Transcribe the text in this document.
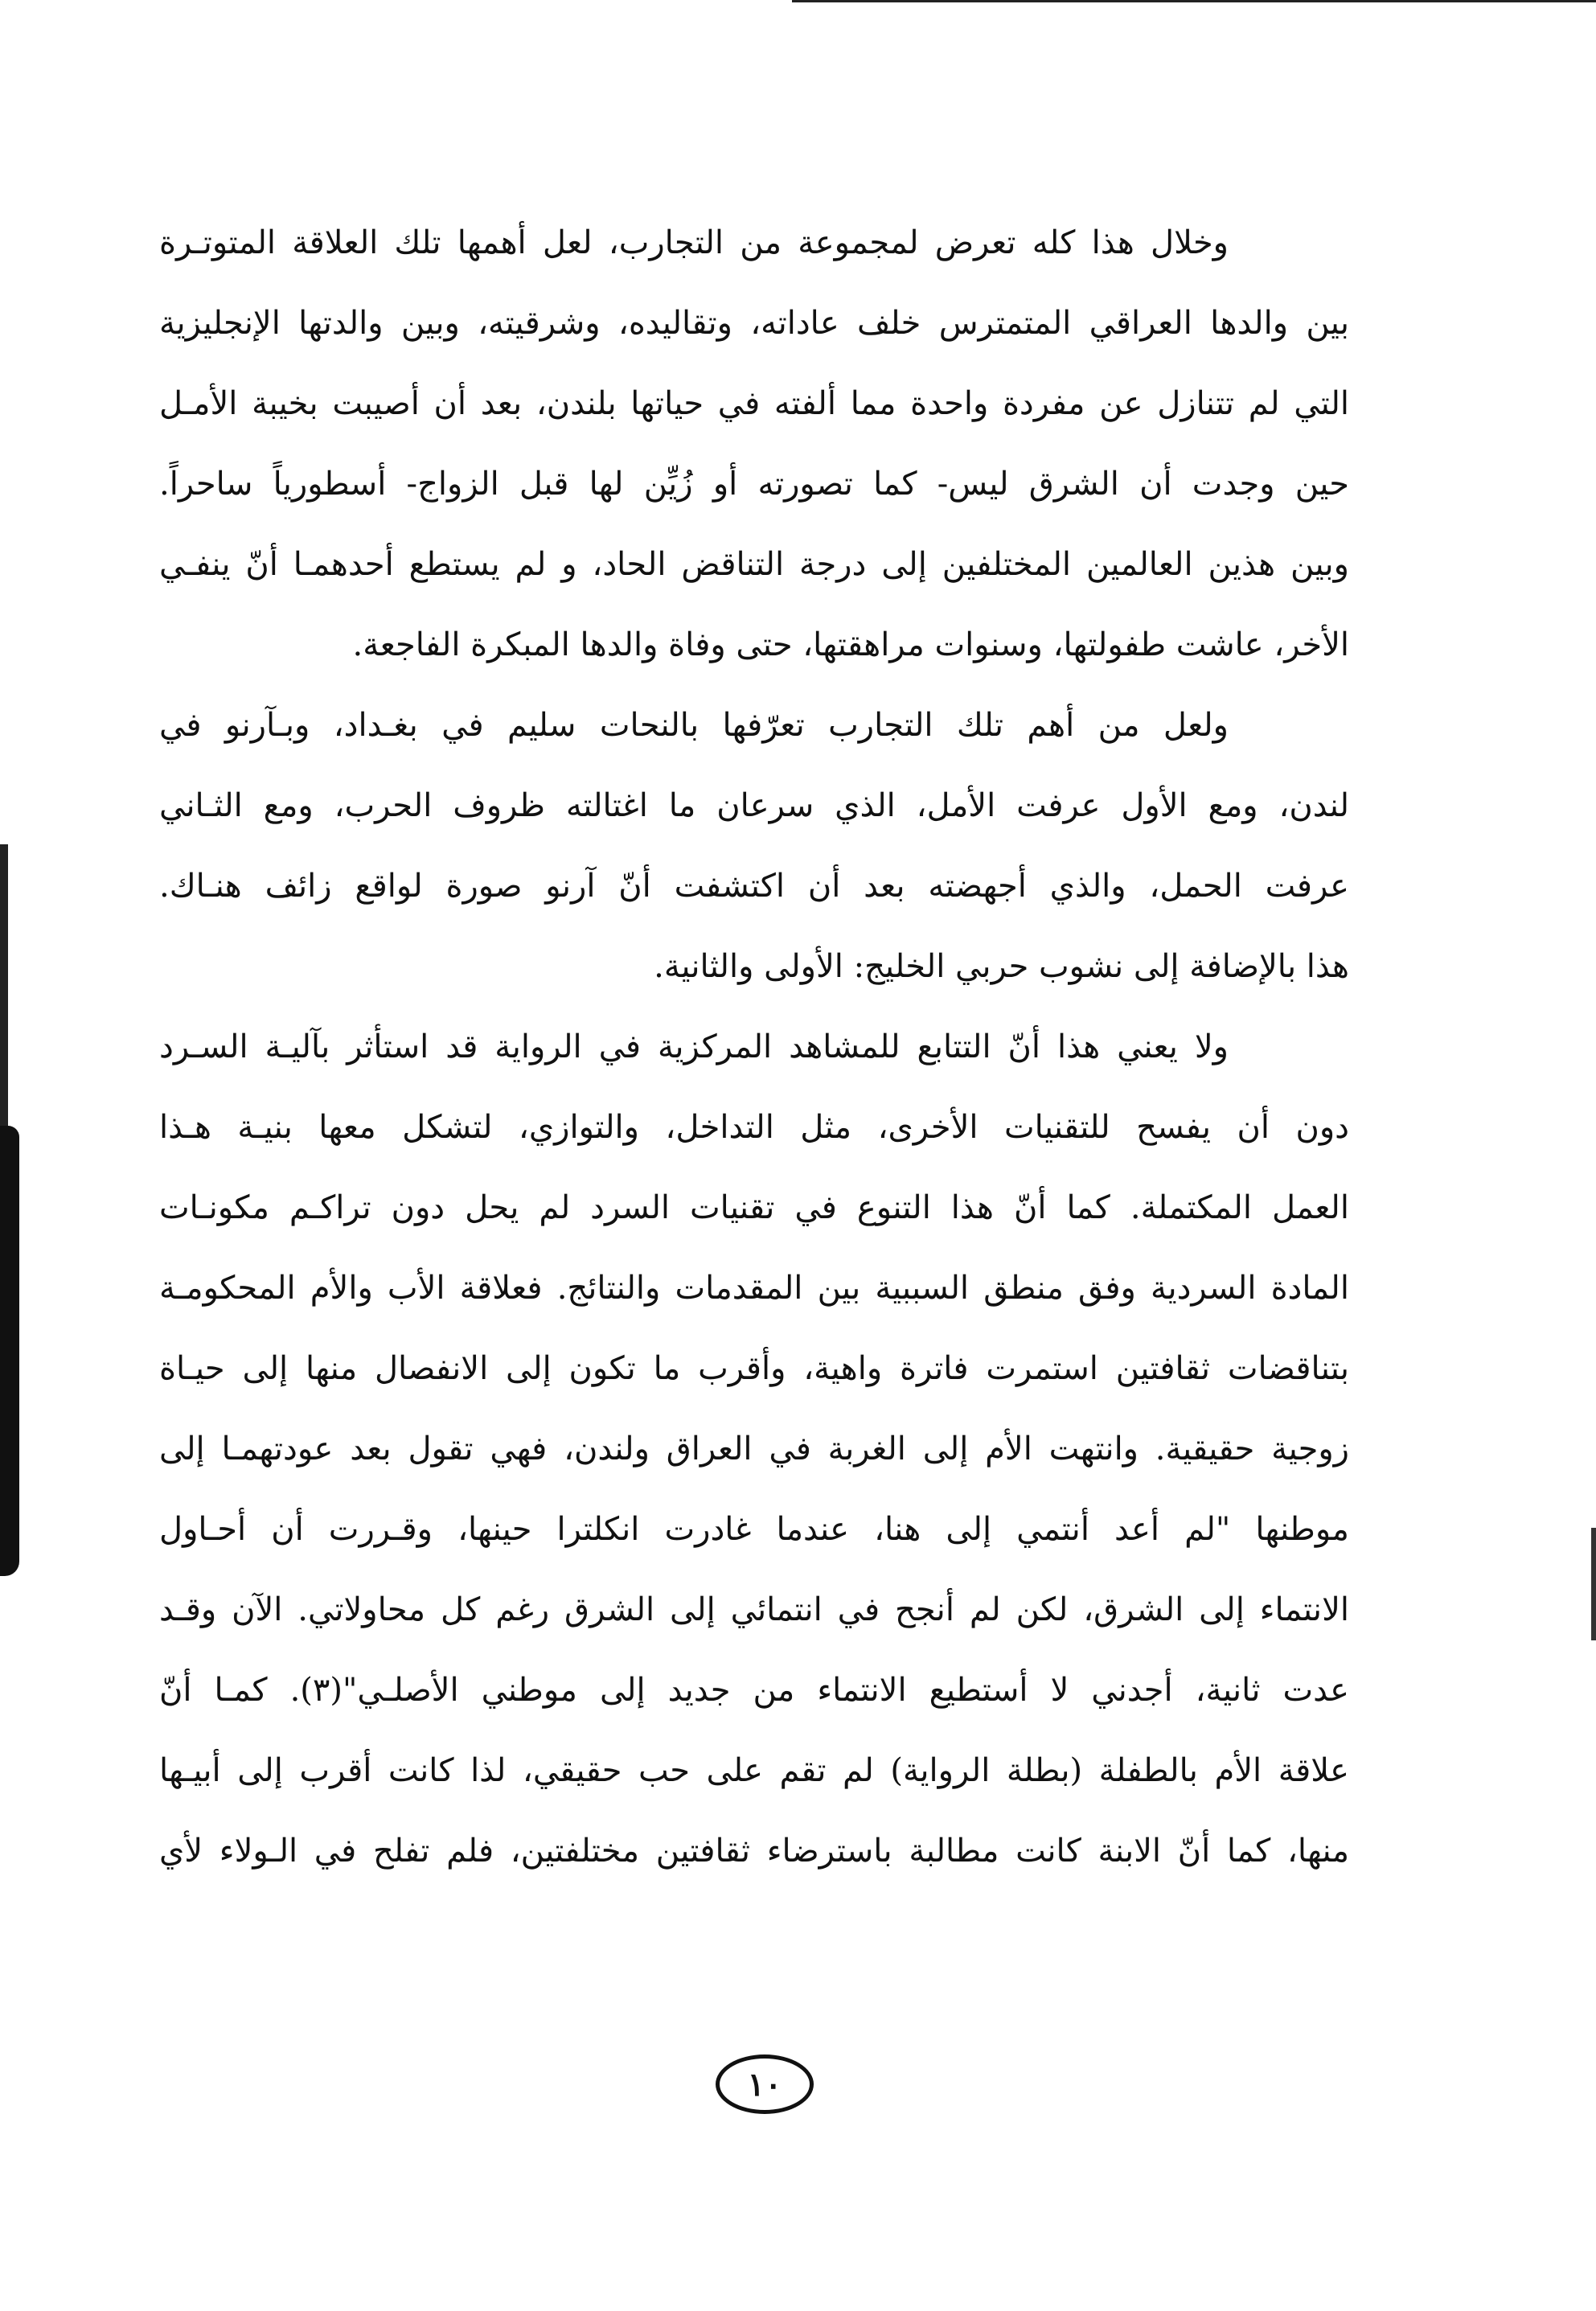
وخلال هذا كله تعرض لمجموعة من التجارب، لعل أهمها تلك العلاقة المتوتـرة
بين والدها العراقي المتمترس خلف عاداته، وتقاليده، وشرقيته، وبين والدتها الإنجليزية
التي لم تتنازل عن مفردة واحدة مما ألفته في حياتها بلندن، بعد أن أصيبت بخيبة الأمـل
حين وجدت أن الشرق ليس- كما تصورته أو زُيِّن لها قبل الزواج- أسطورياً ساحراً.
وبين هذين العالمين المختلفين إلى درجة التناقض الحاد، و لم يستطع أحدهمـا أنّ ينفـي
الأخر، عاشت طفولتها، وسنوات مراهقتها، حتى وفاة والدها المبكرة الفاجعة.
ولعل من أهم تلك التجارب تعرّفها بالنحات سليم في بغـداد، وبـآرنو في
لندن، ومع الأول عرفت الأمل، الذي سرعان ما اغتالته ظروف الحرب، ومع الثـاني
عرفت الحمل، والذي أجهضته بعد أن اكتشفت أنّ آرنو صورة لواقع زائف هنـاك.
هذا بالإضافة إلى نشوب حربي الخليج: الأولى والثانية.
ولا يعني هذا أنّ التتابع للمشاهد المركزية في الرواية قد استأثر بآليـة السـرد
دون أن يفسح للتقنيات الأخرى، مثل التداخل، والتوازي، لتشكل معها بنيـة هـذا
العمل المكتملة. كما أنّ هذا التنوع في تقنيات السرد لم يحل دون تراكـم مكونـات
المادة السردية وفق منطق السببية بين المقدمات والنتائج. فعلاقة الأب والأم المحكومـة
بتناقضات ثقافتين استمرت فاترة واهية، وأقرب ما تكون إلى الانفصال منها إلى حيـاة
زوجية حقيقية. وانتهت الأم إلى الغربة في العراق ولندن، فهي تقول بعد عودتهمـا إلى
موطنها "لم أعد أنتمي إلى هنا، عندما غادرت انكلترا حينها، وقـررت أن أحـاول
الانتماء إلى الشرق، لكن لم أنجح في انتمائي إلى الشرق رغم كل محاولاتي. الآن وقـد
عدت ثانية، أجدني لا أستطيع الانتماء من جديد إلى موطني الأصلـي"(٣). كمـا أنّ
علاقة الأم بالطفلة (بطلة الرواية) لم تقم على حب حقيقي، لذا كانت أقرب إلى أبيـها
منها، كما أنّ الابنة كانت مطالبة باسترضاء ثقافتين مختلفتين، فلم تفلح في الـولاء لأي
١٠
